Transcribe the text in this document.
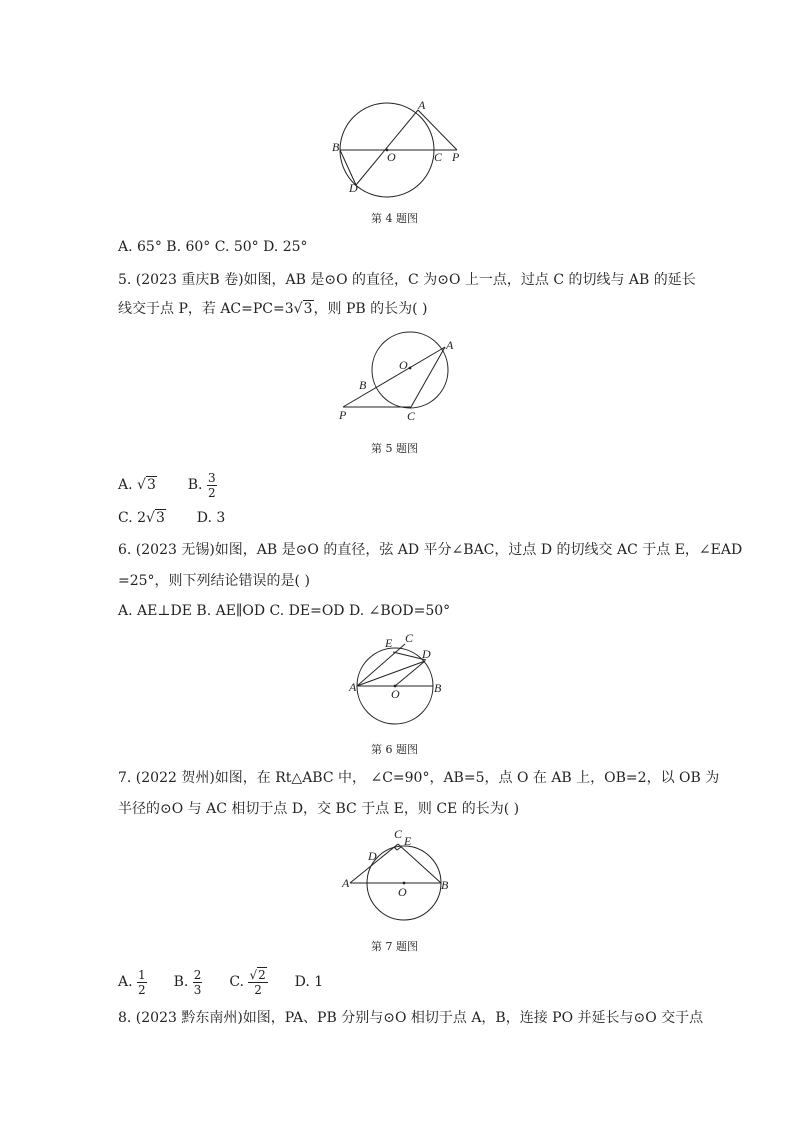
A
B
O	C P
D
第 4 题图
A. 65° B. 60° C. 50° D. 25°
5. (2023 重庆B 卷)如图，AB 是⊙O 的直径，C 为⊙O 上一点，过点 C 的切线与 AB 的延长
线交于点 P，若 AC=PC=3√3，则 PB 的长为( )
O
A
B
P	C
第 5 题图
A. √3 B. $\frac{3}{2}$
C. 2√3 D. 3
6. (2023 无锡)如图，AB 是⊙O 的直径，弦 AD 平分∠BAC，过点 D 的切线交 AC 于点 E，∠EAD
=25°，则下列结论错误的是( )
A. AE⊥DE B. AE∥OD C. DE=OD D. ∠BOD=50°
E C
D
A	O	B
第 6 题图
7. (2022 贺州)如图，在 Rt△ABC 中， ∠C=90°，AB=5，点 O 在 AB 上，OB=2，以 OB 为
半径的⊙O 与 AC 相切于点 D，交 BC 于点 E，则 CE 的长为( )
C E
D
A	B
O
第 7 题图
A. $\frac{1}{2} B$. $\frac{2}{3} C$. $\frac{√2}{2} D$. 1
8. (2023 黔东南州)如图，PA、PB 分别与⊙O 相切于点 A，B，连接 PO 并延长与⊙O 交于点
